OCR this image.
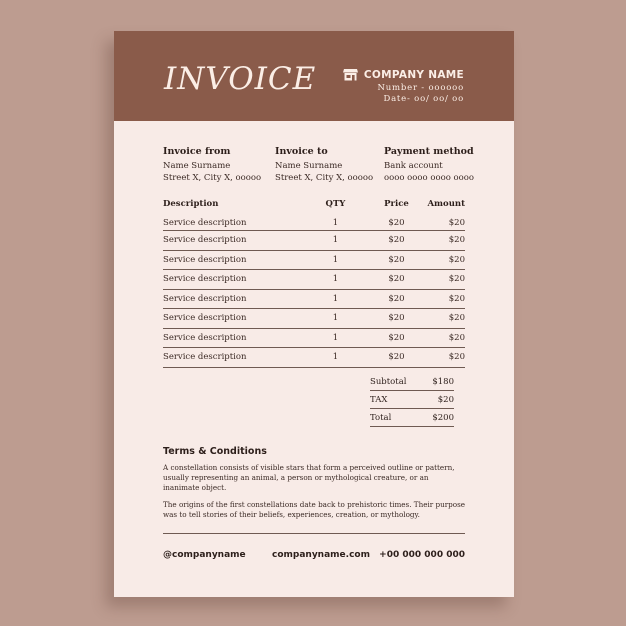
INVOICE	COMPANY NAME
Number - oooooo
Date- oo/ oo/ oo
Invoice from
Name Surname
Street X, City X, ooooo
Invoice to
Name Surname
Street X, City X, ooooo
Payment method
Bank account
oooo oooo oooo oooo
Description	QTY	Price	Amount
Service description	1	$20	$20
Service description	1	$20	$20
Service description	1	$20	$20
Service description	1	$20	$20
Service description	1	$20	$20
Service description	1	$20	$20
Service description	1	$20	$20
Service description	1	$20	$20
Subtotal	$180
TAX	$20
Total	$200
Terms & Conditions

A constellation consists of visible stars that form a perceived outline or pattern, usually representing an animal, a person or mythological creature, or an inanimate object.

The origins of the first constellations date back to prehistoric times. Their purpose was to tell stories of their beliefs, experiences, creation, or mythology.

@companyname	companyname.com +00 000 000 000
